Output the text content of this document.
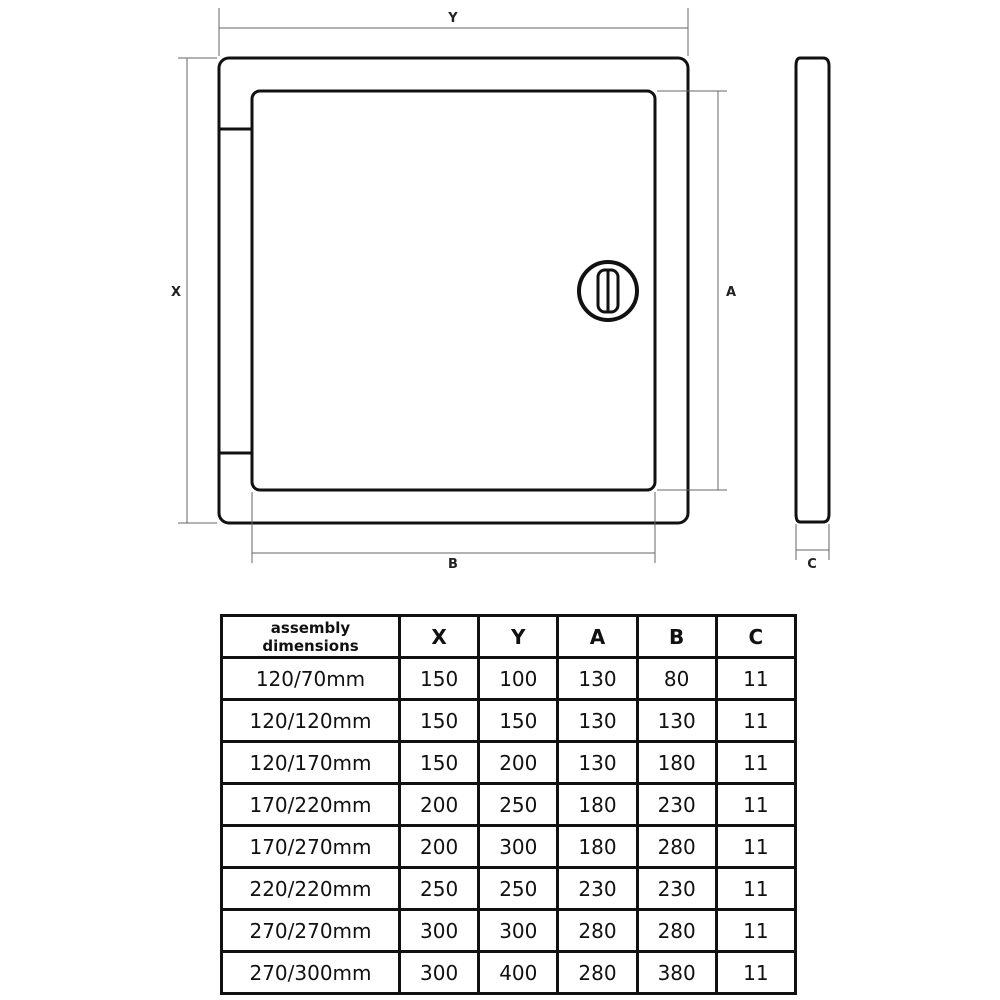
Y
X	A
B	C
assembly
dimensions	X	Y	A	B	C
120/70mm	150	100	130	80	11
120/120mm	150	150	130	130	11
120/170mm	150	200	130	180	11
170/220mm	200	250	180	230	11
170/270mm	200	300	180	280	11
220/220mm	250	250	230	230	11
270/270mm	300	300	280	280	11
270/300mm	300	400	280	380	11
